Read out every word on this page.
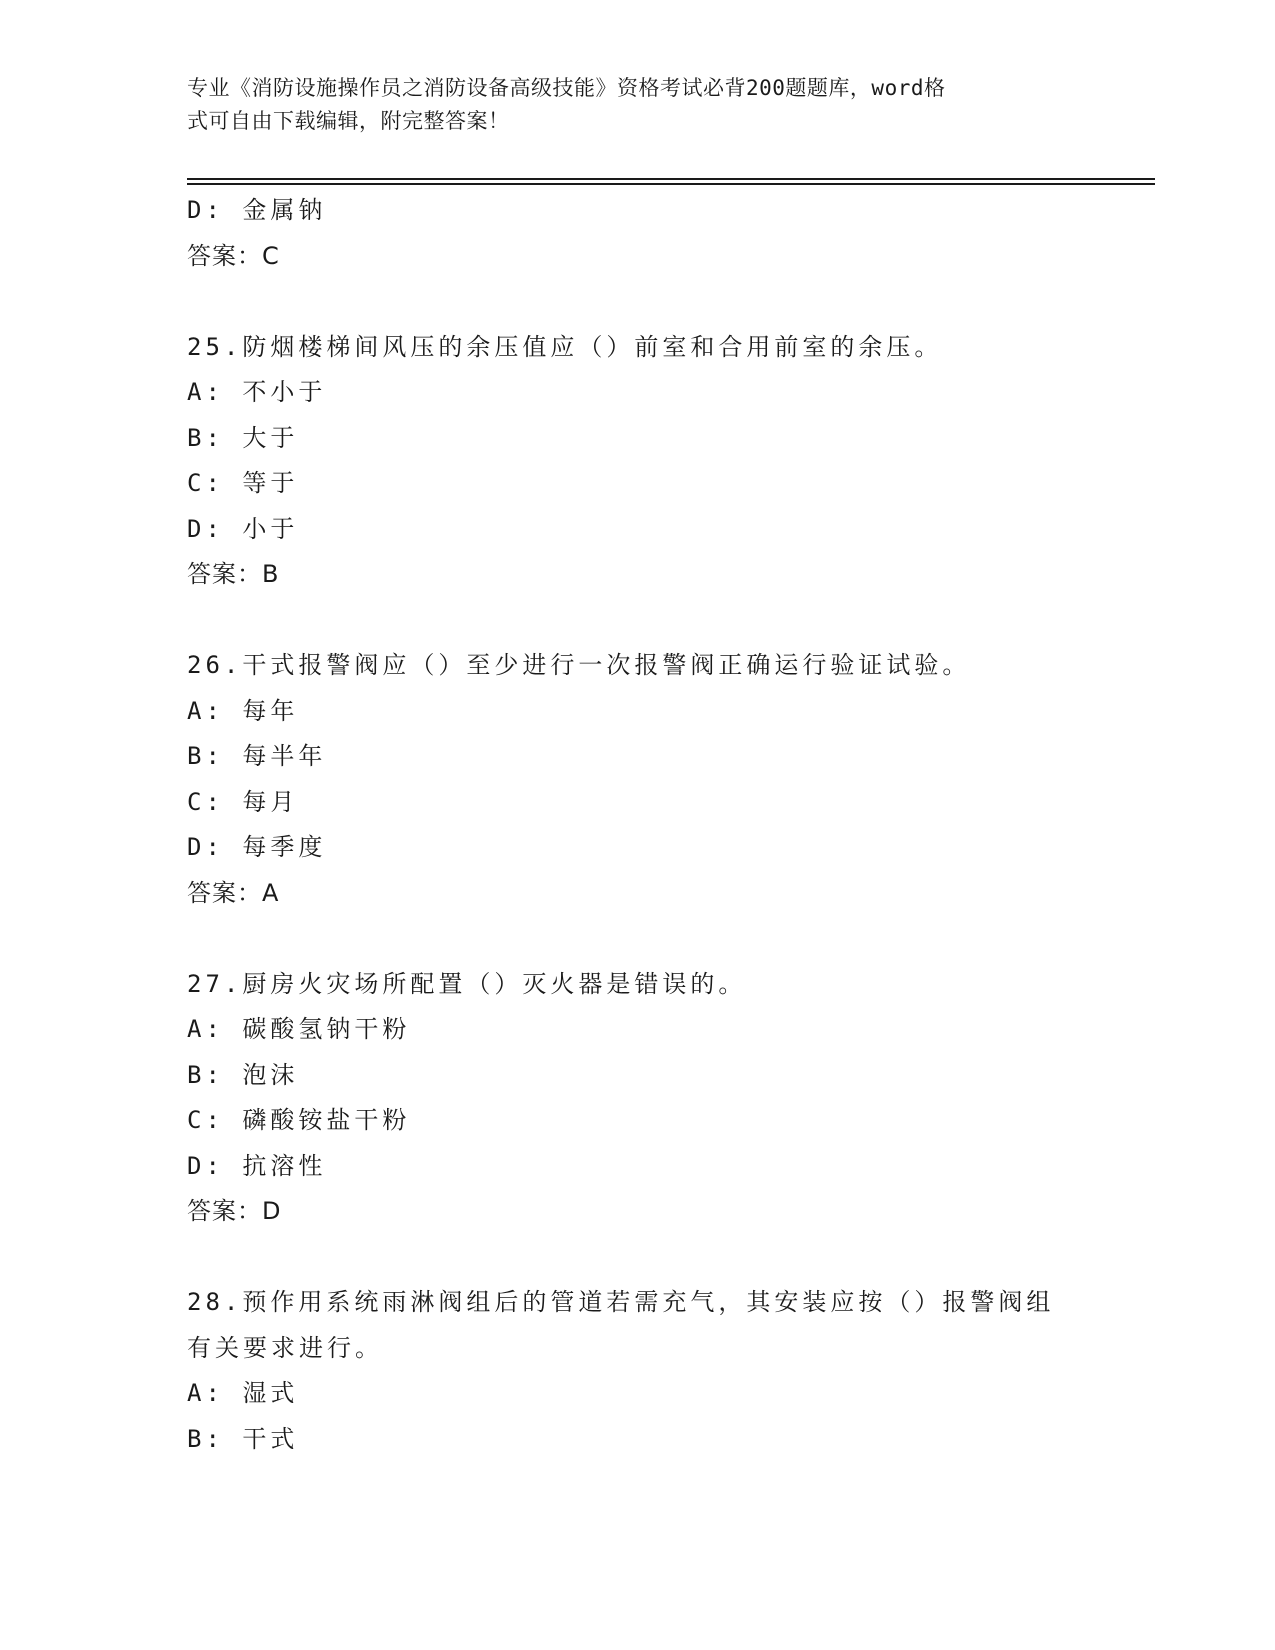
专业《消防设施操作员之消防设备高级技能》资格考试必背200题题库，word格
式可自由下载编辑，附完整答案！
D: 金属钠
答案：C
25.防烟楼梯间风压的余压值应（）前室和合用前室的余压。
A: 不小于
B: 大于
C: 等于
D: 小于
答案：B
26.干式报警阀应（）至少进行一次报警阀正确运行验证试验。
A: 每年
B: 每半年
C: 每月
D: 每季度
答案：A
27.厨房火灾场所配置（）灭火器是错误的。
A: 碳酸氢钠干粉
B: 泡沫
C: 磷酸铵盐干粉
D: 抗溶性
答案：D
28.预作用系统雨淋阀组后的管道若需充气，其安装应按（）报警阀组
有关要求进行。
A: 湿式
B: 干式
